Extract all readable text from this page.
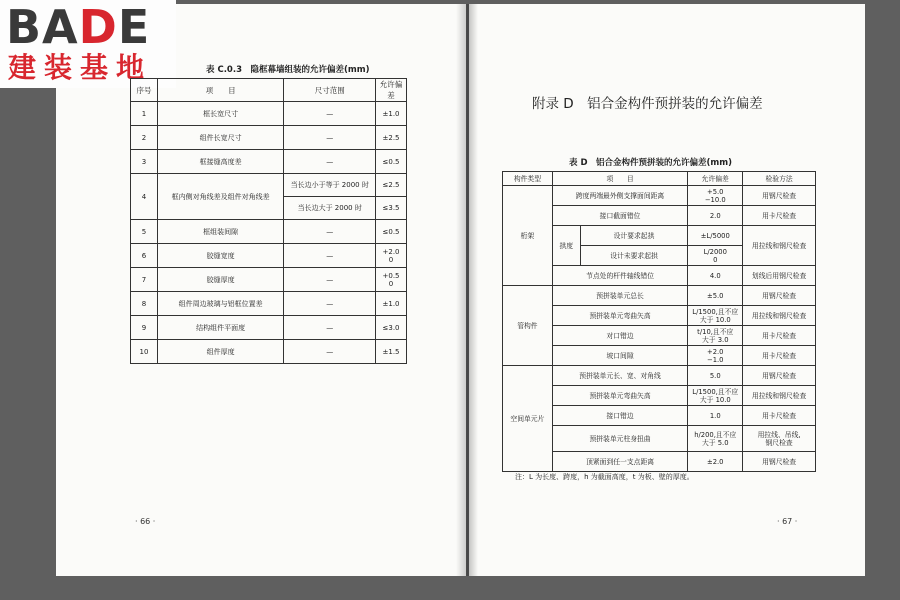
BADE
建装基地	表 C.0.3　隐框幕墙组装的允许偏差(mm)
序号	项　　目	尺寸范围	允许偏差
1	框长宽尺寸	—	±1.0
2	组件长宽尺寸	—	±2.5
3	框接缝高度差	—	≤0.5
4	框内侧对角线差及组件对角线差	当长边小于等于 2000 时	≤2.5
		当长边大于 2000 时	≤3.5
5	框组装间隙	—	≤0.5
6	胶缝宽度	—	+2.0
0
7	胶缝厚度	—	+0.5
0
8	组件周边玻璃与铝框位置差	—	±1.0
9	结构组件平面度	—	≤3.0
10	组件厚度	—	±1.5
· 66 ·
附录 D　铝合金构件预拼装的允许偏差
表 D　铝合金构件预拼装的允许偏差(mm)
构件类型	项　　目		允许偏差	检验方法
桁架	跨度两端最外侧支撑面间距离		+5.0
−10.0	用钢尺检查
	接口截面错位		2.0	用卡尺检查
	拱度	设计要求起拱	±L/5000	用拉线和钢尺检查
		设计未要求起拱	L/2000
0	
	节点处的杆件轴线错位		4.0	划线后用钢尺检查
管构件	预拼装单元总长		±5.0	用钢尺检查
	预拼装单元弯曲矢高		L/1500,且不应
大于 10.0	用拉线和钢尺检查
	对口错边		t/10,且不应
大于 3.0	用卡尺检查
	坡口间隙		+2.0
−1.0	用卡尺检查
空间单元片	预拼装单元长、宽、对角线		5.0	用钢尺检查
	预拼装单元弯曲矢高		L/1500,且不应
大于 10.0	用拉线和钢尺检查
	接口错边		1.0	用卡尺检查
	预拼装单元柱身扭曲		h/200,且不应
大于 5.0	用拉线、吊线,
钢尺检查
	顶紧面到任一支点距离		±2.0	用钢尺检查
注：L 为长度、跨度，h 为截面高度，t 为板、壁的厚度。
· 67 ·
